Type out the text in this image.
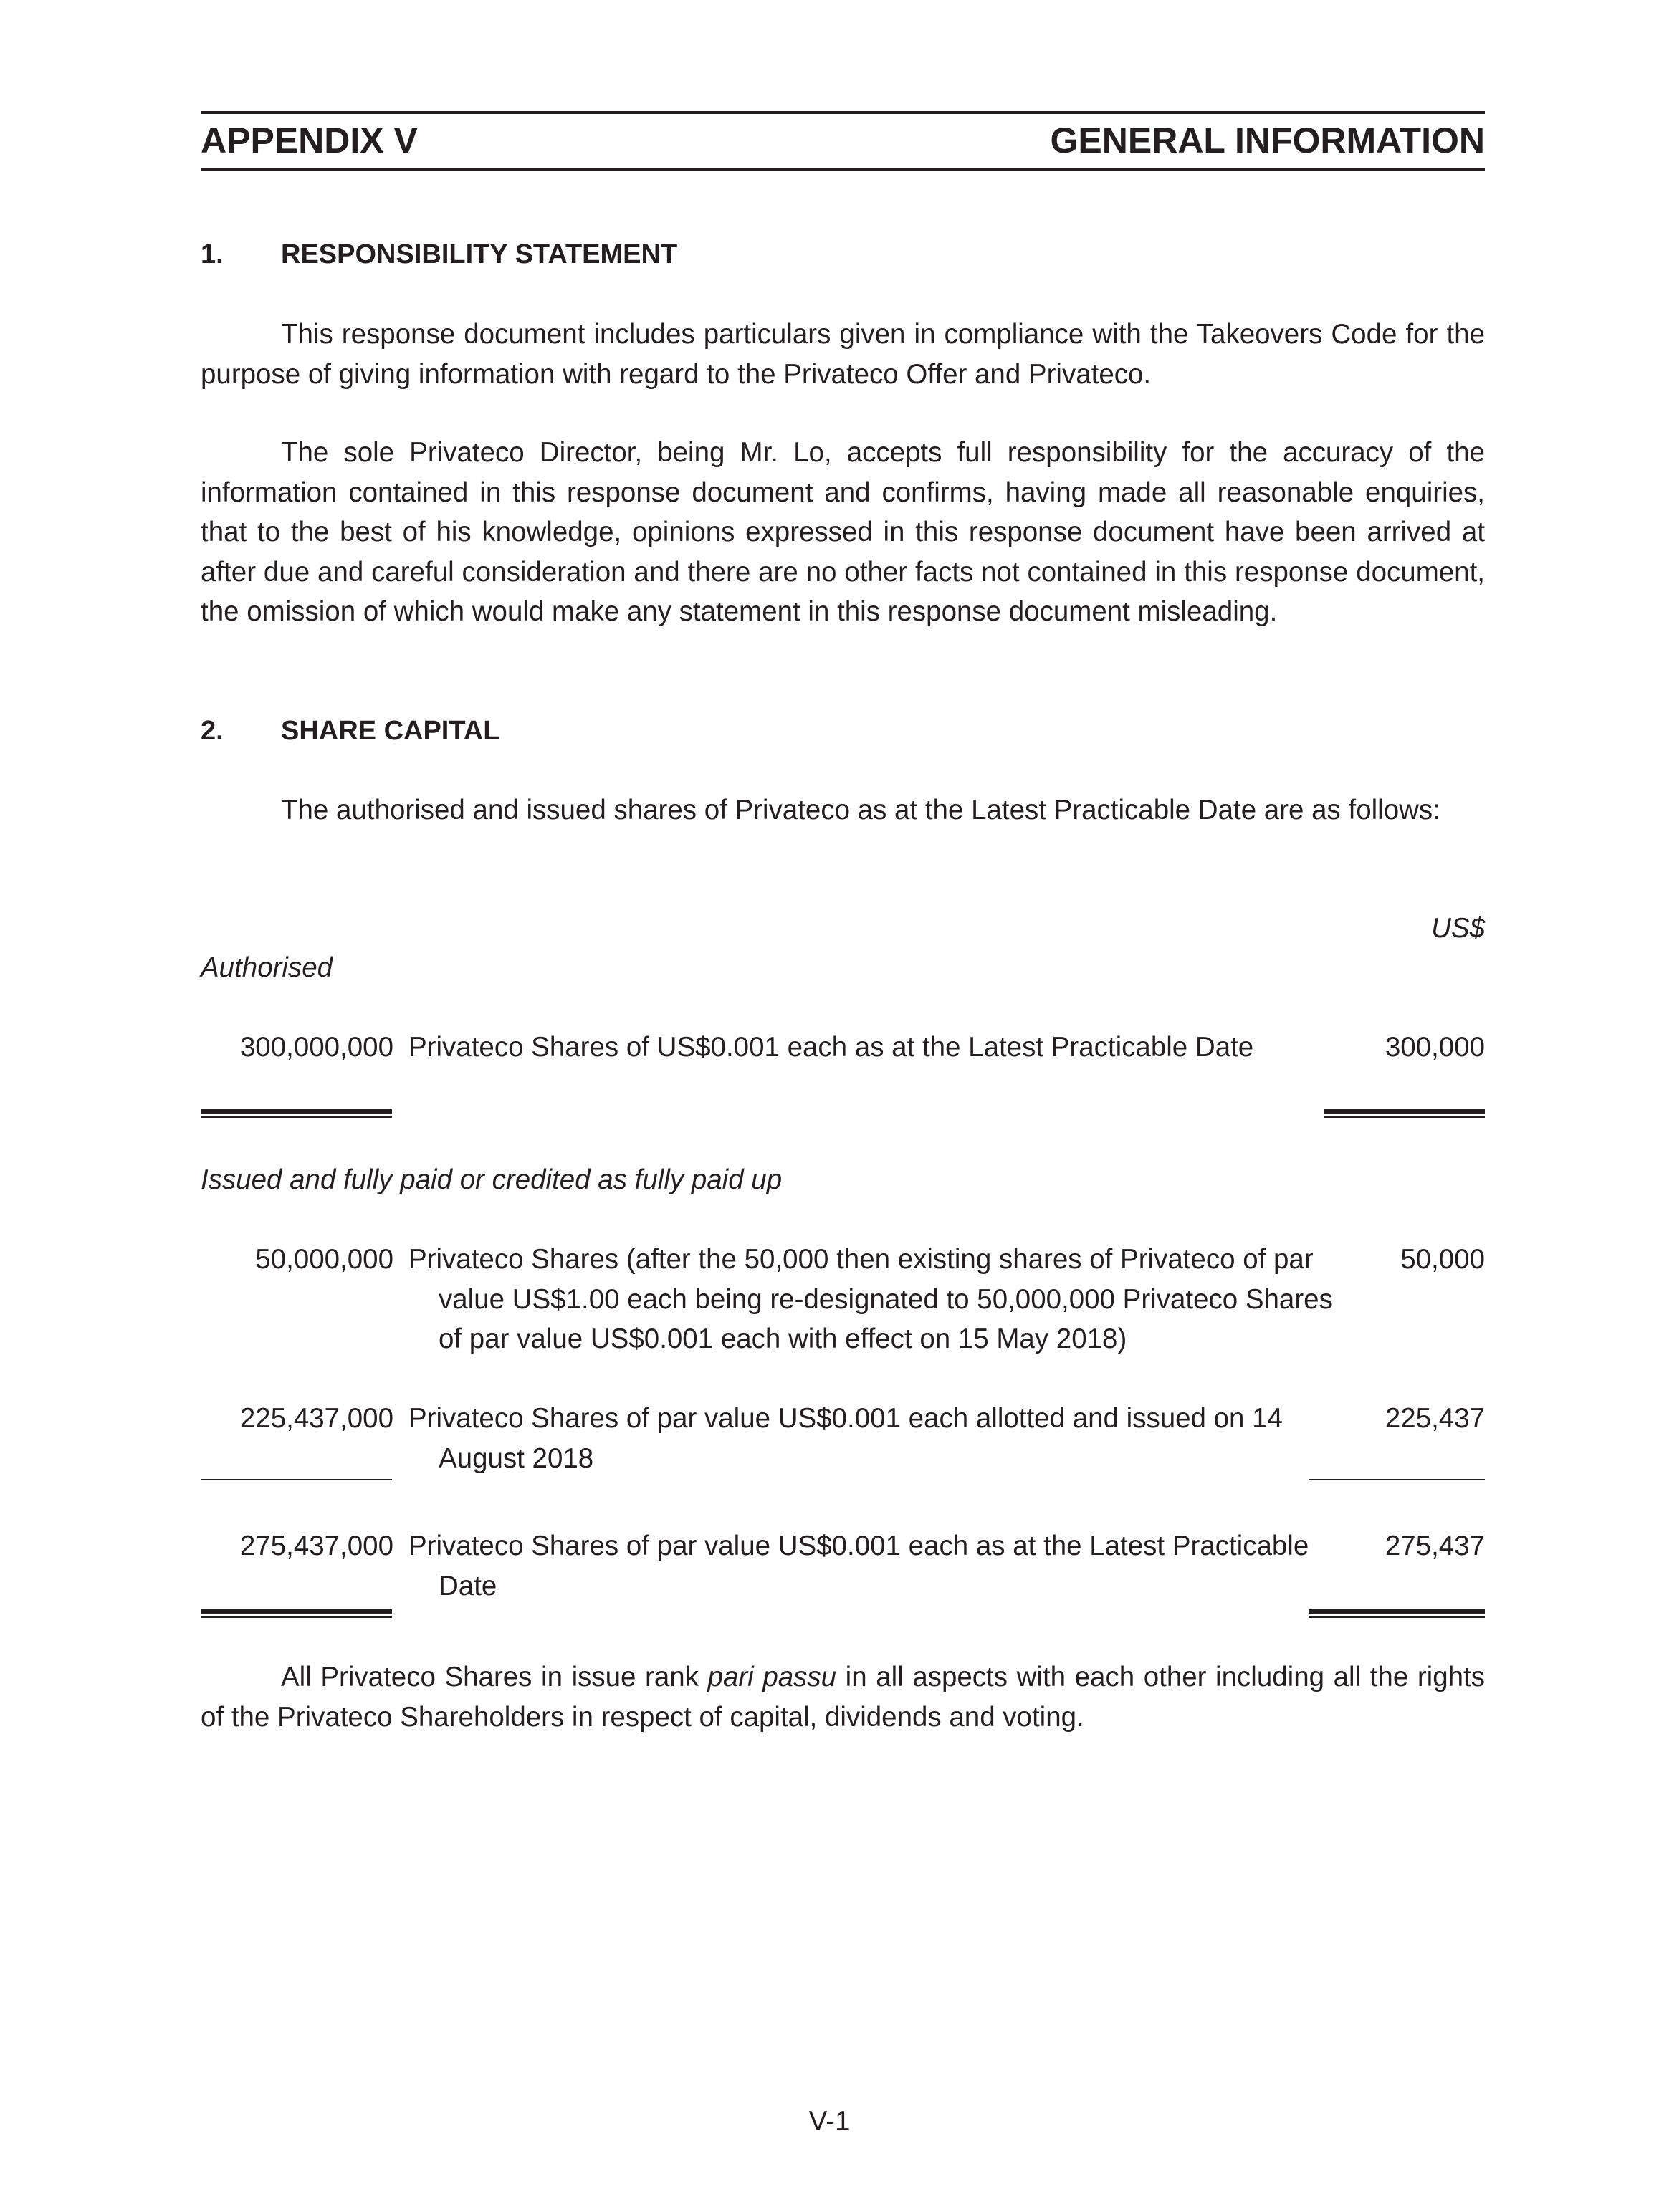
APPENDIX V	GENERAL INFORMATION
1. RESPONSIBILITY STATEMENT

This response document includes particulars given in compliance with the Takeovers Code for the purpose of giving information with regard to the Privateco Offer and Privateco.

The sole Privateco Director, being Mr. Lo, accepts full responsibility for the accuracy of the information contained in this response document and confirms, having made all reasonable enquiries, that to the best of his knowledge, opinions expressed in this response document have been arrived at after due and careful consideration and there are no other facts not contained in this response document, the omission of which would make any statement in this response document misleading.

2. SHARE CAPITAL

The authorised and issued shares of Privateco as at the Latest Practicable Date are as follows:

US$
Authorised
300,000,000 Privateco Shares of US$0.001 each as at the Latest Practicable Date	300,000
Issued and fully paid or credited as fully paid up
50,000,000 Privateco Shares (after the 50,000 then existing shares of Privateco of par value US$1.00 each being re-designated to 50,000,000 Privateco Shares of par value US$0.001 each with effect on 15 May 2018)
50,000
225,437,000 Privateco Shares of par value US$0.001 each allotted and issued on 14 August 2018
225,437
275,437,000 Privateco Shares of par value US$0.001 each as at the Latest Practicable Date
275,437

All Privateco Shares in issue rank pari passu in all aspects with each other including all the rights of the Privateco Shareholders in respect of capital, dividends and voting.

V-1
